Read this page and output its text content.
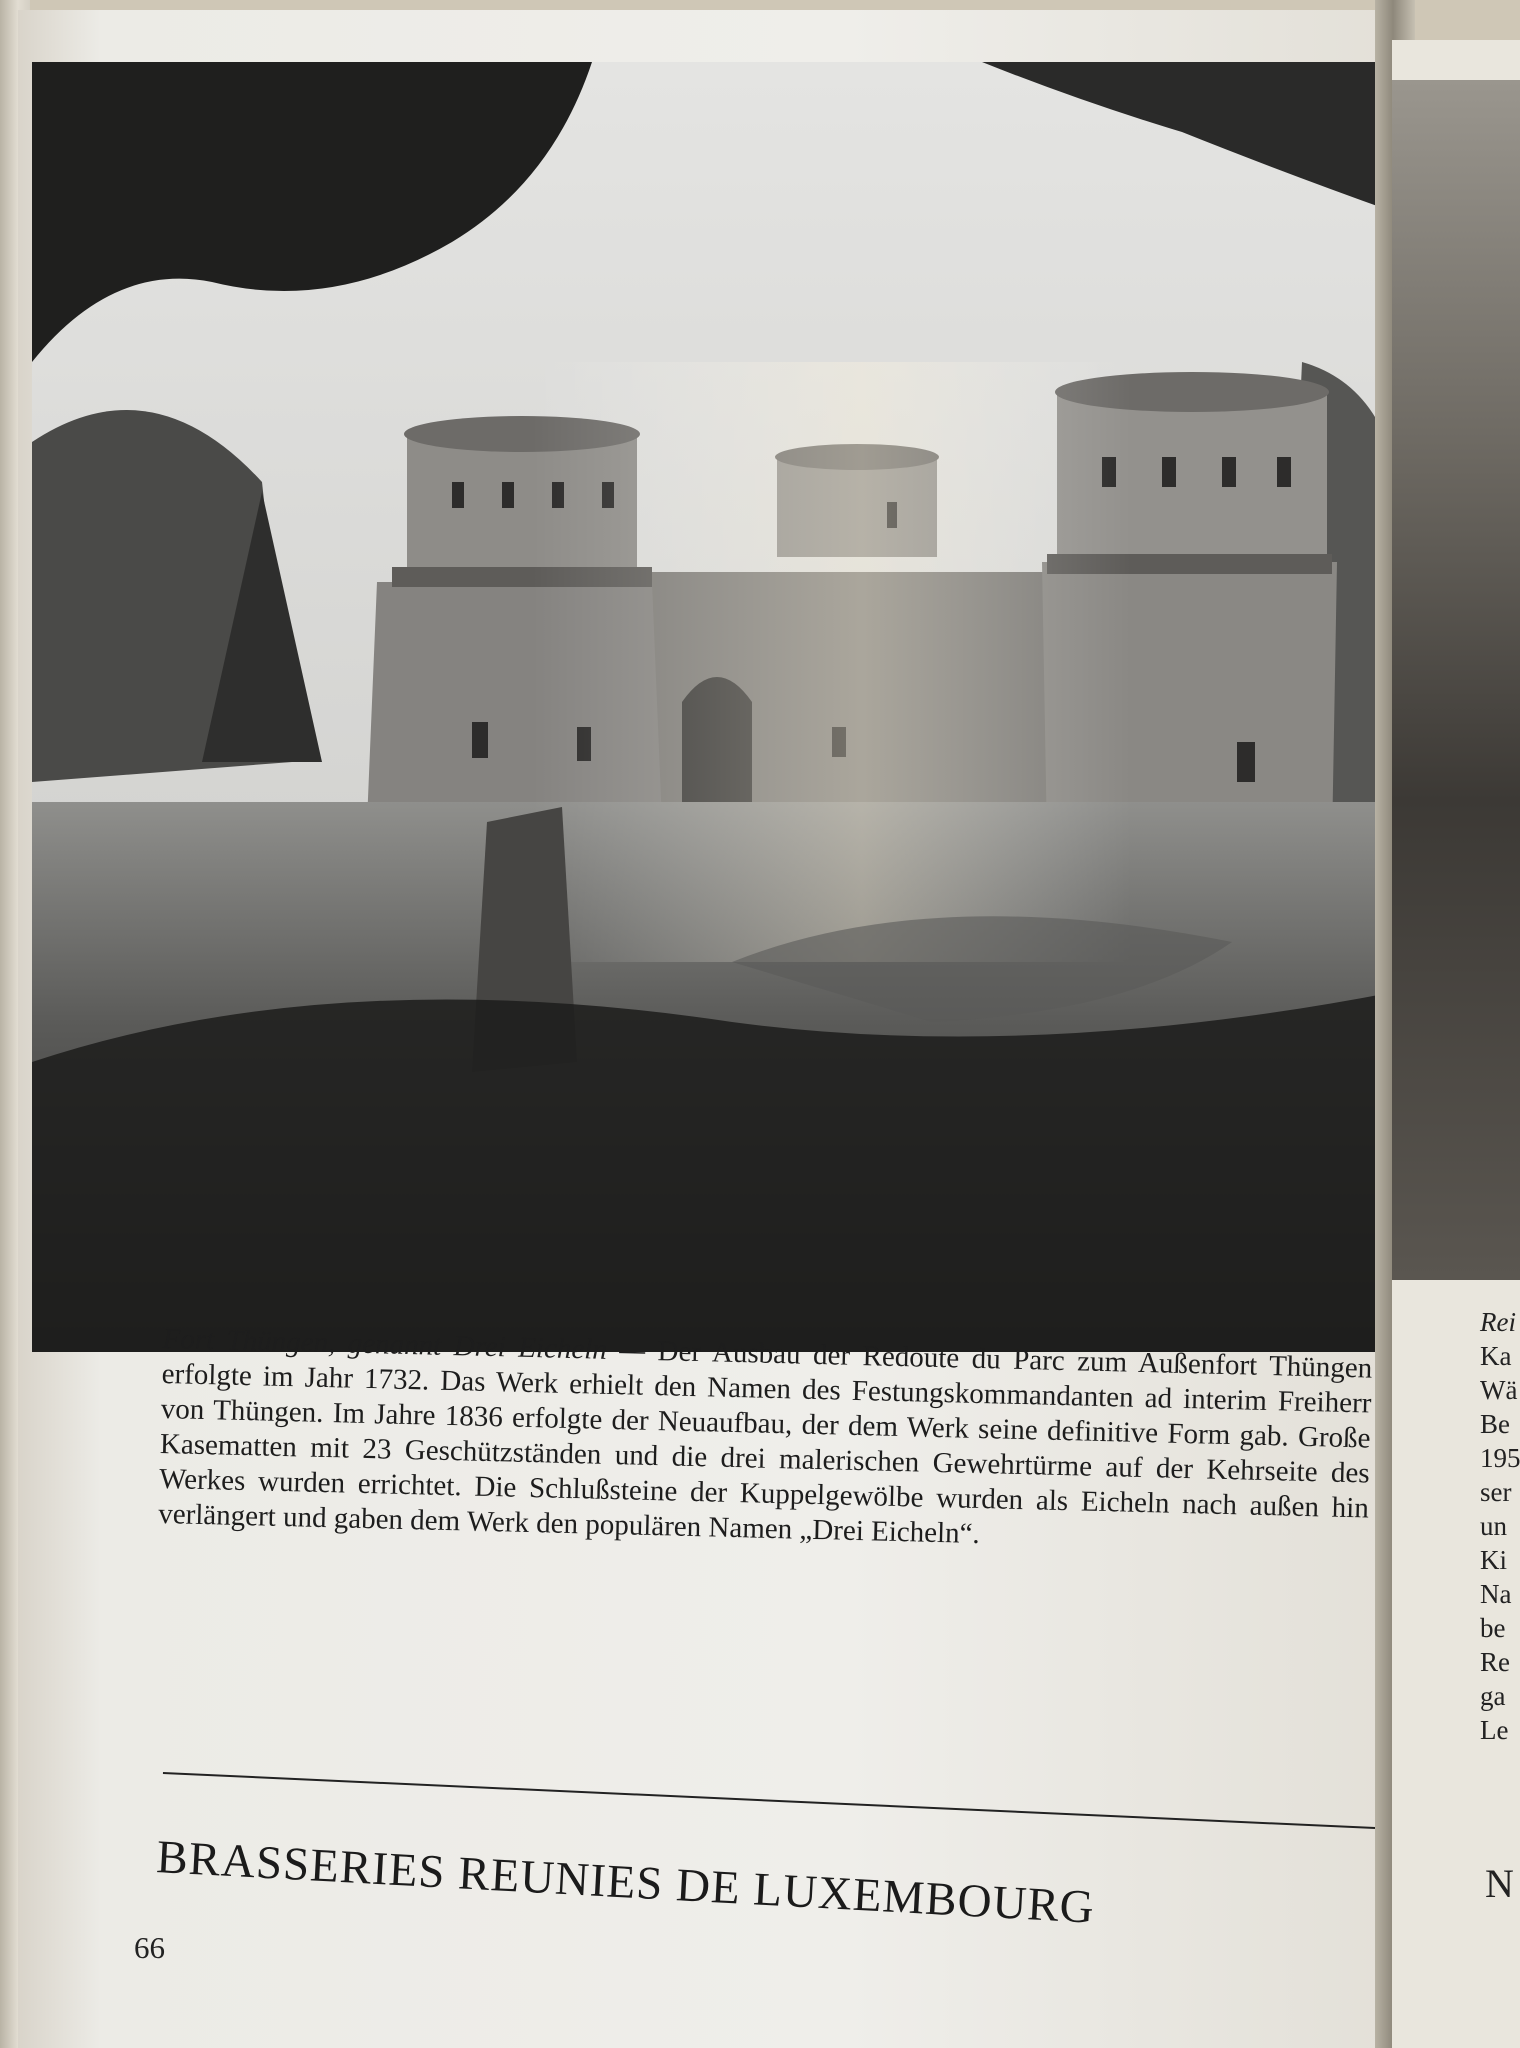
Fort Thüngen, genannt Drei Eicheln — Der Ausbau der Redoute du Parc zum Außenfort Thüngen erfolgte im Jahr 1732. Das Werk erhielt den Namen des Festungskommandanten ad interim Freiherr von Thüngen. Im Jahre 1836 erfolgte der Neuaufbau, der dem Werk seine definitive Form gab. Große Kasematten mit 23 Geschützständen und die drei malerischen Gewehrtürme auf der Kehrseite des Werkes wurden errichtet. Die Schlußsteine der Kuppelgewölbe wurden als Eicheln nach außen hin verlängert und gaben dem Werk den populären Namen „Drei Eicheln“.
BRASSERIES REUNIES DE LUXEMBOURG
66
Rei
Ka
Wä
Be
195
ser
un
Ki
Na
be
Re
ga
Le
N
